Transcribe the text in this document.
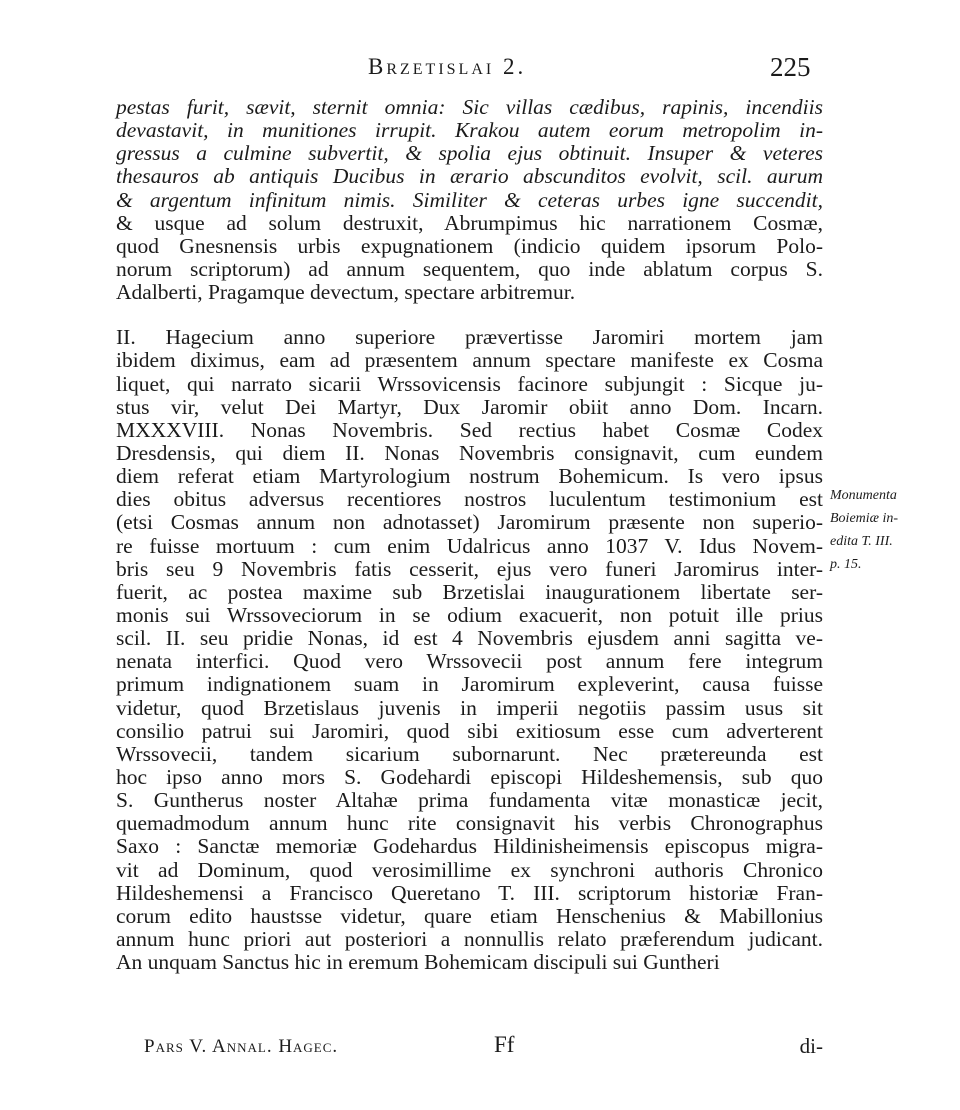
Brzetislai 2.	225
pestas furit, sævit, sternit omnia: Sic villas cædibus, rapinis, incendiis
devastavit, in munitiones irrupit. Krakou autem eorum metropolim in-
gressus a culmine subvertit, & spolia ejus obtinuit. Insuper & veteres
thesauros ab antiquis Ducibus in ærario abscunditos evolvit, scil. aurum
& argentum infinitum nimis. Similiter & ceteras urbes igne succendit,
& usque ad solum destruxit, Abrumpimus hic narrationem Cosmæ,
quod Gnesnensis urbis expugnationem (indicio quidem ipsorum Polo-
norum scriptorum) ad annum sequentem, quo inde ablatum corpus S.
Adalberti, Pragamque devectum, spectare arbitremur.
II. Hagecium anno superiore prævertisse Jaromiri mortem jam
ibidem diximus, eam ad præsentem annum spectare manifeste ex Cosma
liquet, qui narrato sicarii Wrssovicensis facinore subjungit : Sicque ju-
stus vir, velut Dei Martyr, Dux Jaromir obiit anno Dom. Incarn.
MXXXVIII. Nonas Novembris. Sed rectius habet Cosmæ Codex
Dresdensis, qui diem II. Nonas Novembris consignavit, cum eundem
diem referat etiam Martyrologium nostrum Bohemicum. Is vero ipsus
dies obitus adversus recentiores nostros luculentum testimonium est
(etsi Cosmas annum non adnotasset) Jaromirum præsente non superio-
re fuisse mortuum : cum enim Udalricus anno 1037 V. Idus Novem-
bris seu 9 Novembris fatis cesserit, ejus vero funeri Jaromirus inter-
fuerit, ac postea maxime sub Brzetislai inaugurationem libertate ser-
monis sui Wrssoveciorum in se odium exacuerit, non potuit ille prius
scil. II. seu pridie Nonas, id est 4 Novembris ejusdem anni sagitta ve-
nenata interfici. Quod vero Wrssovecii post annum fere integrum
primum indignationem suam in Jaromirum expleverint, causa fuisse
videtur, quod Brzetislaus juvenis in imperii negotiis passim usus sit
consilio patrui sui Jaromiri, quod sibi exitiosum esse cum adverterent
Wrssovecii, tandem sicarium subornarunt. Nec prætereunda est
hoc ipso anno mors S. Godehardi episcopi Hildeshemensis, sub quo
S. Guntherus noster Altahæ prima fundamenta vitæ monasticæ jecit,
quemadmodum annum hunc rite consignavit his verbis Chronographus
Saxo : Sanctæ memoriæ Godehardus Hildinisheimensis episcopus migra-
vit ad Dominum, quod verosimillime ex synchroni authoris Chronico
Hildeshemensi a Francisco Queretano T. III. scriptorum historiæ Fran-
corum edito haustsse videtur, quare etiam Henschenius & Mabillonius
annum hunc priori aut posteriori a nonnullis relato præferendum judicant.
An unquam Sanctus hic in eremum Bohemicam discipuli sui Guntheri
Monumenta
Boiemiæ in-
edita T. III.
p. 15.
Pars V. Annal. Hagec.	Ff	di-
